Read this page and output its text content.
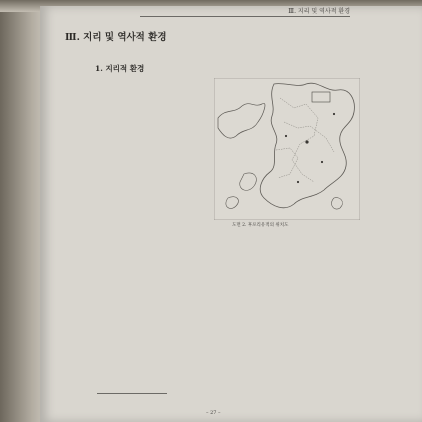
Ⅲ. 지리 및 역사적 환경
Ⅲ. 지리 및 역사적 환경
1. 지리적 환경
도면 2. 후포리유적의 위치도
– 27 –
